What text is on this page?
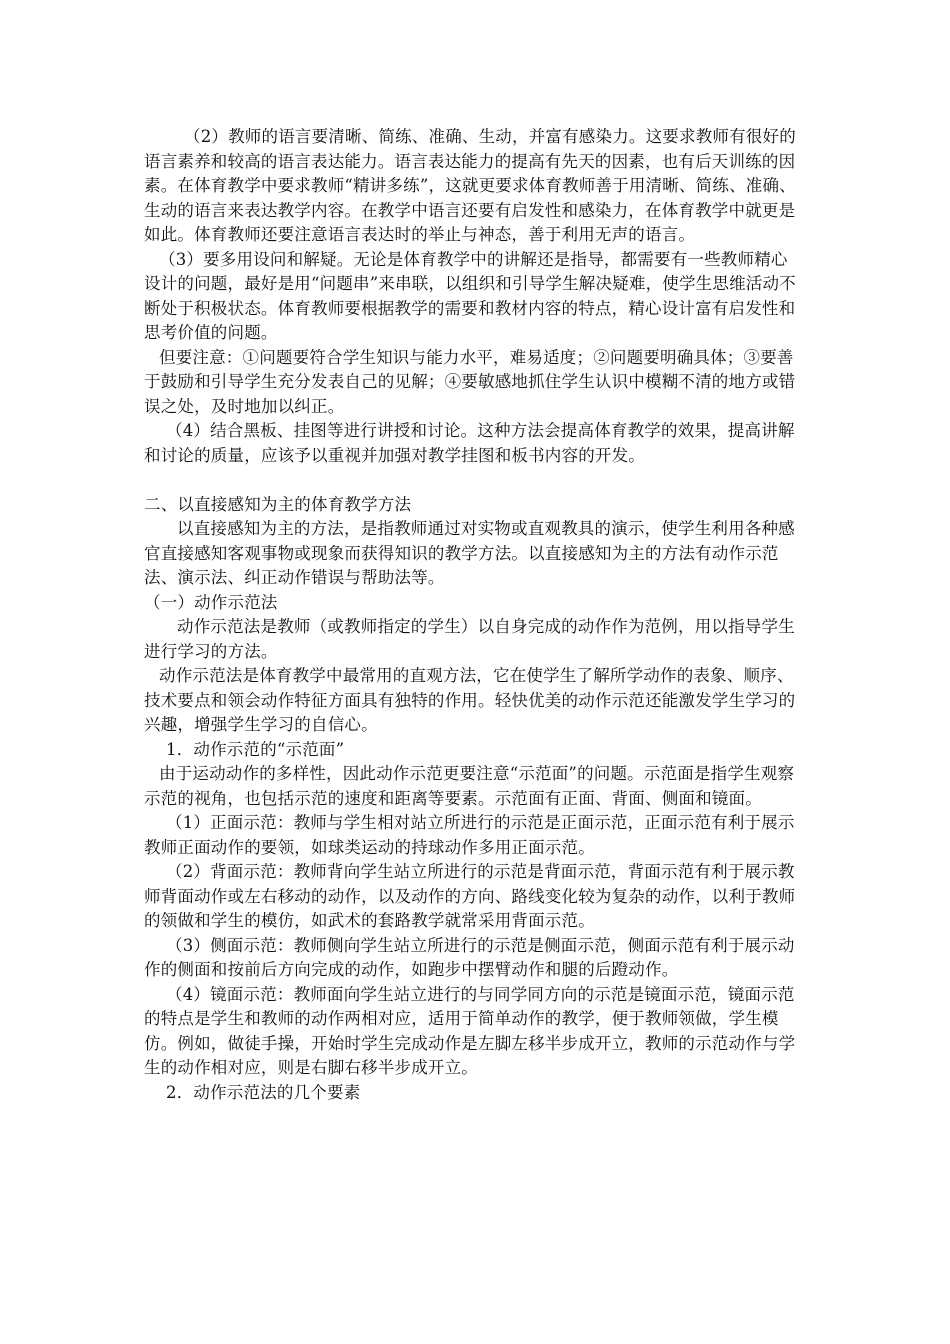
（2）教师的语言要清晰、简练、准确、生动，并富有感染力。这要求教师有很好的语言素养和较高的语言表达能力。语言表达能力的提高有先天的因素，也有后天训练的因素。在体育教学中要求教师“精讲多练”，这就更要求体育教师善于用清晰、简练、准确、生动的语言来表达教学内容。在教学中语言还要有启发性和感染力，在体育教学中就更是如此。体育教师还要注意语言表达时的举止与神态，善于利用无声的语言。

（3）要多用设问和解疑。无论是体育教学中的讲解还是指导，都需要有一些教师精心设计的问题，最好是用“问题串”来串联，以组织和引导学生解决疑难，使学生思维活动不断处于积极状态。体育教师要根据教学的需要和教材内容的特点，精心设计富有启发性和思考价值的问题。

但要注意：①问题要符合学生知识与能力水平，难易适度；②问题要明确具体；③要善于鼓励和引导学生充分发表自己的见解；④要敏感地抓住学生认识中模糊不清的地方或错误之处，及时地加以纠正。

（4）结合黑板、挂图等进行讲授和讨论。这种方法会提高体育教学的效果，提高讲解和讨论的质量，应该予以重视并加强对教学挂图和板书内容的开发。

二、以直接感知为主的体育教学方法

以直接感知为主的方法，是指教师通过对实物或直观教具的演示，使学生利用各种感官直接感知客观事物或现象而获得知识的教学方法。以直接感知为主的方法有动作示范法、演示法、纠正动作错误与帮助法等。

（一）动作示范法

动作示范法是教师（或教师指定的学生）以自身完成的动作作为范例，用以指导学生进行学习的方法。

动作示范法是体育教学中最常用的直观方法，它在使学生了解所学动作的表象、顺序、技术要点和领会动作特征方面具有独特的作用。轻快优美的动作示范还能激发学生学习的兴趣，增强学生学习的自信心。

1．动作示范的“示范面”

由于运动动作的多样性，因此动作示范更要注意“示范面”的问题。示范面是指学生观察示范的视角，也包括示范的速度和距离等要素。示范面有正面、背面、侧面和镜面。

（1）正面示范：教师与学生相对站立所进行的示范是正面示范，正面示范有利于展示教师正面动作的要领，如球类运动的持球动作多用正面示范。

（2）背面示范：教师背向学生站立所进行的示范是背面示范，背面示范有利于展示教师背面动作或左右移动的动作，以及动作的方向、路线变化较为复杂的动作，以利于教师的领做和学生的模仿，如武术的套路教学就常采用背面示范。

（3）侧面示范：教师侧向学生站立所进行的示范是侧面示范，侧面示范有利于展示动作的侧面和按前后方向完成的动作，如跑步中摆臂动作和腿的后蹬动作。

（4）镜面示范：教师面向学生站立进行的与同学同方向的示范是镜面示范，镜面示范的特点是学生和教师的动作两相对应，适用于简单动作的教学，便于教师领做，学生模仿。例如，做徒手操，开始时学生完成动作是左脚左移半步成开立，教师的示范动作与学生的动作相对应，则是右脚右移半步成开立。

2．动作示范法的几个要素
